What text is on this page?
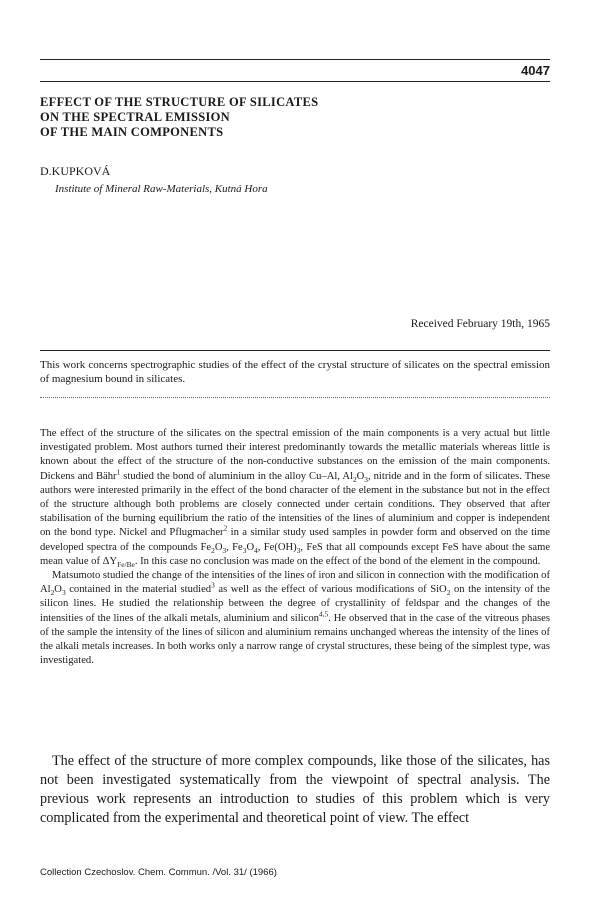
4047
EFFECT OF THE STRUCTURE OF SILICATES
ON THE SPECTRAL EMISSION
OF THE MAIN COMPONENTS
D.KUPKOVÁ
Institute of Mineral Raw-Materials, Kutná Hora
Received February 19th, 1965
This work concerns spectrographic studies of the effect of the crystal structure of silicates on the spectral emission of magnesium bound in silicates.

The effect of the structure of the silicates on the spectral emission of the main components is a very actual but little investigated problem. Most authors turned their interest predominantly towards the metallic materials whereas little is known about the effect of the structure of the non-conductive substances on the emission of the main components. Dickens and Bähr$^1$ studied the bond of aluminium in the alloy Cu–Al, $Al_2O_3$, nitride and in the form of silicates. These authors were interested primarily in the effect of the bond character of the element in the substance but not in the effect of the structure although both problems are closely connected under certain conditions. They observed that after stabilisation of the burning equilibrium the ratio of the intensities of the lines of aluminium and copper is independent on the bond type. Nickel and Pflugmacher$^2$ in a similar study used samples in powder form and observed on the time developed spectra of the compounds $Fe_2O_3$, $Fe_3O_4$, $Fe(OH)_3$, FeS that all compounds except FeS have about the same mean value of $\Delta Y_{Fe/Be}$. In this case no conclusion was made on the effect of the bond of the element in the compound.

Matsumoto studied the change of the intensities of the lines of iron and silicon in connection with the modification of $Al_2O_3$ contained in the material studied$^3$ as well as the effect of various modifications of SiO$_2$ on the intensity of the silicon lines. He studied the relationship between the degree of crystallinity of feldspar and the changes of the intensities of the lines of the alkali metals, aluminium and silicon$^{4,5}$. He observed that in the case of the vitreous phases of the sample the intensity of the lines of silicon and aluminium remains unchanged whereas the intensity of the lines of the alkali metals increases. In both works only a narrow range of crystal structures, these being of the simplest type, was investigated.

The effect of the structure of more complex compounds, like those of the silicates, has not been investigated systematically from the viewpoint of spectral analysis. The previous work represents an introduction to studies of this problem which is very complicated from the experimental and theoretical point of view. The effect

Collection Czechoslov. Chem. Commun. /Vol. 31/ (1966)
